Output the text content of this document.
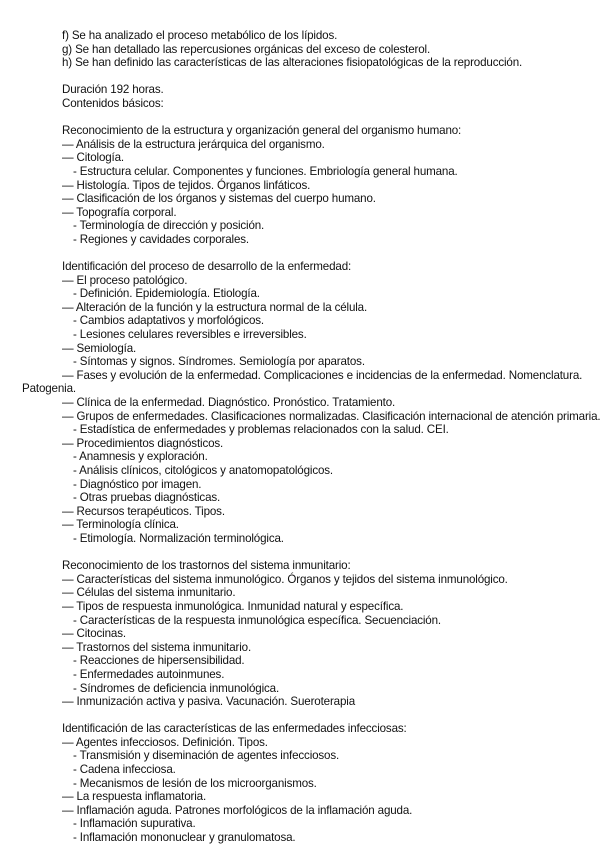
f) Se ha analizado el proceso metabólico de los lípidos.
g) Se han detallado las repercusiones orgánicas del exceso de colesterol.
h) Se han definido las características de las alteraciones fisiopatológicas de la reproducción.
Duración 192 horas.
Contenidos básicos:
Reconocimiento de la estructura y organización general del organismo humano:
— Análisis de la estructura jerárquica del organismo.
— Citología.
- Estructura celular. Componentes y funciones. Embriología general humana.
— Histología. Tipos de tejidos. Órganos linfáticos.
— Clasificación de los órganos y sistemas del cuerpo humano.
— Topografía corporal.
- Terminología de dirección y posición.
- Regiones y cavidades corporales.
Identificación del proceso de desarrollo de la enfermedad:
— El proceso patológico.
- Definición. Epidemiología. Etiología.
— Alteración de la función y la estructura normal de la célula.
- Cambios adaptativos y morfológicos.
- Lesiones celulares reversibles e irreversibles.
— Semiología.
- Síntomas y signos. Síndromes. Semiología por aparatos.
— Fases y evolución de la enfermedad. Complicaciones e incidencias de la enfermedad. Nomenclatura.
Patogenia.
— Clínica de la enfermedad. Diagnóstico. Pronóstico. Tratamiento.
— Grupos de enfermedades. Clasificaciones normalizadas. Clasificación internacional de atención primaria.
- Estadística de enfermedades y problemas relacionados con la salud. CEI.
— Procedimientos diagnósticos.
- Anamnesis y exploración.
- Análisis clínicos, citológicos y anatomopatológicos.
- Diagnóstico por imagen.
- Otras pruebas diagnósticas.
— Recursos terapéuticos. Tipos.
— Terminología clínica.
- Etimología. Normalización terminológica.
Reconocimiento de los trastornos del sistema inmunitario:
— Características del sistema inmunológico. Órganos y tejidos del sistema inmunológico.
— Células del sistema inmunitario.
— Tipos de respuesta inmunológica. Inmunidad natural y específica.
- Características de la respuesta inmunológica específica. Secuenciación.
— Citocinas.
— Trastornos del sistema inmunitario.
- Reacciones de hipersensibilidad.
- Enfermedades autoinmunes.
- Síndromes de deficiencia inmunológica.
— Inmunización activa y pasiva. Vacunación. Sueroterapia
Identificación de las características de las enfermedades infecciosas:
— Agentes infecciosos. Definición. Tipos.
- Transmisión y diseminación de agentes infecciosos.
- Cadena infecciosa.
- Mecanismos de lesión de los microorganismos.
— La respuesta inflamatoria.
— Inflamación aguda. Patrones morfológicos de la inflamación aguda.
- Inflamación supurativa.
- Inflamación mononuclear y granulomatosa.
